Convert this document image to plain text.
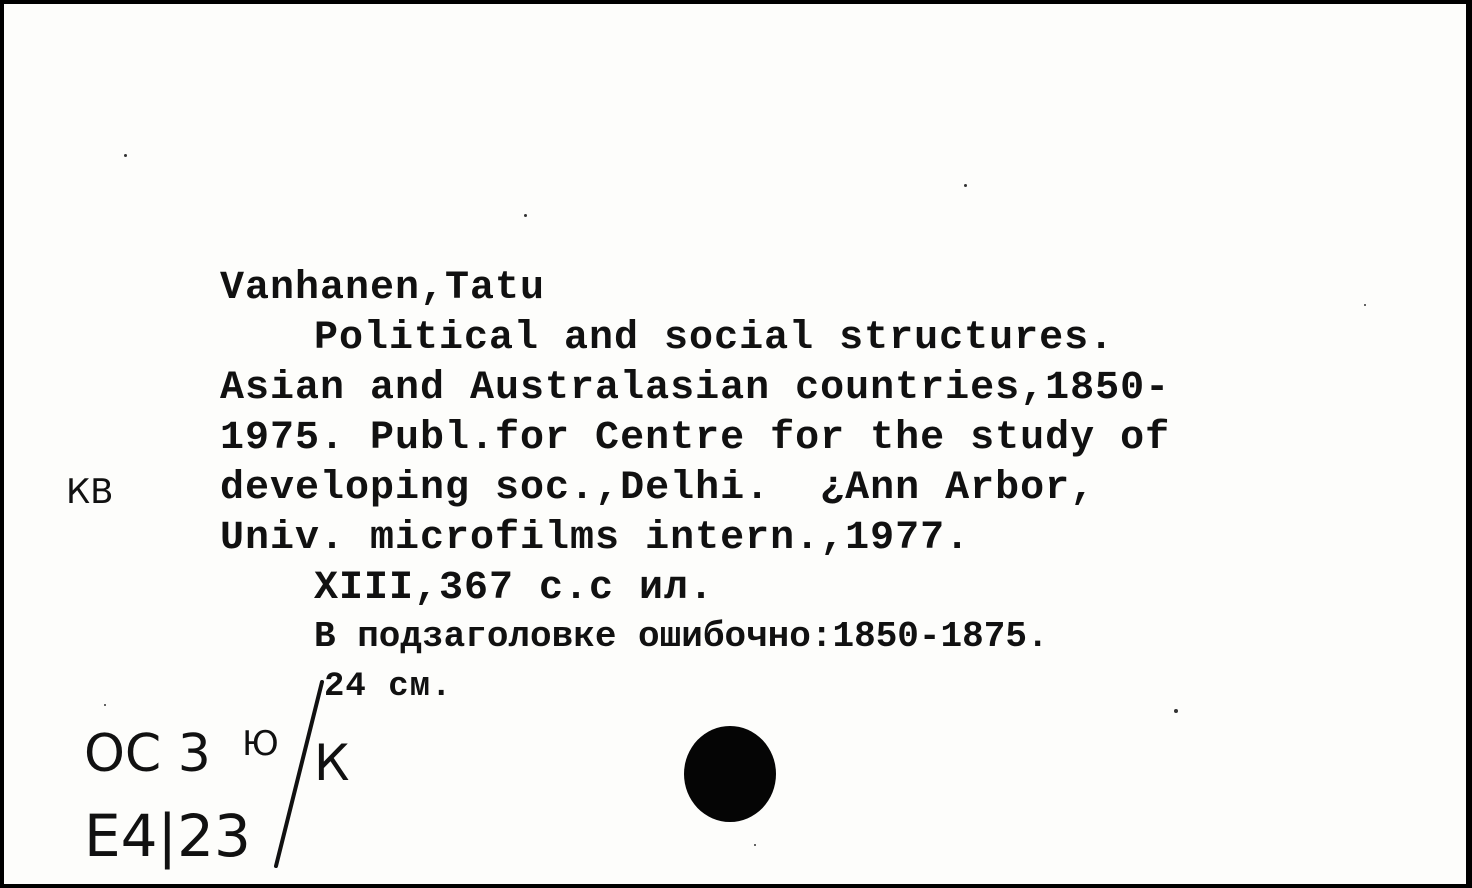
Vanhanen,Tatu
Political and social structures.
Asian and Australasian countries,1850-
1975. Publ.for Centre for the study of
developing soc.,Delhi.  ¿Ann Arbor,
Univ. microfilms intern.,1977.
XIII,367 c.c ил.
В подзаголовке ошибочно:1850-1875.
24 см.
КВ
ОС 3 Ю К
Е4|23
